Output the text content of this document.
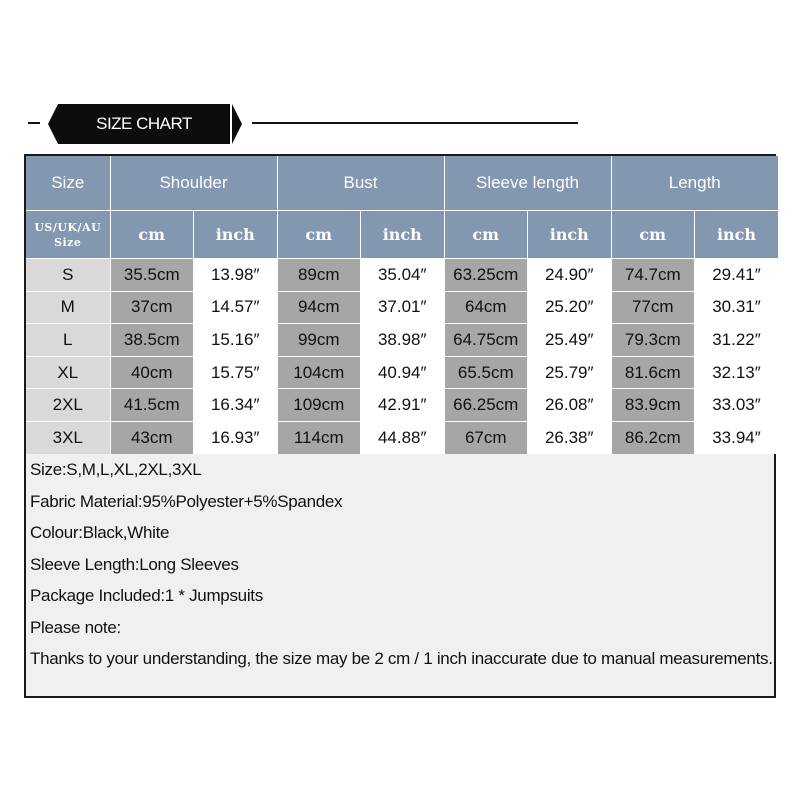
SIZE CHART
Size	Shoulder		Bust		Sleeve length		Length	
US/UK/AU
Size	cm	inch	cm	inch	cm	inch	cm	inch
S	35.5cm	13.98″	89cm	35.04″	63.25cm	24.90″	74.7cm	29.41″
M	37cm	14.57″	94cm	37.01″	64cm	25.20″	77cm	30.31″
L	38.5cm	15.16″	99cm	38.98″	64.75cm	25.49″	79.3cm	31.22″
XL	40cm	15.75″	104cm	40.94″	65.5cm	25.79″	81.6cm	32.13″
2XL	41.5cm	16.34″	109cm	42.91″	66.25cm	26.08″	83.9cm	33.03″
3XL	43cm	16.93″	114cm	44.88″	67cm	26.38″	86.2cm	33.94″
Size:S,M,L,XL,2XL,3XL
Fabric Material:95%Polyester+5%Spandex
Colour:Black,White
Sleeve Length:Long Sleeves
Package Included:1 * Jumpsuits
Please note:
Thanks to your understanding, the size may be 2 cm / 1 inch inaccurate due to manual measurements.
